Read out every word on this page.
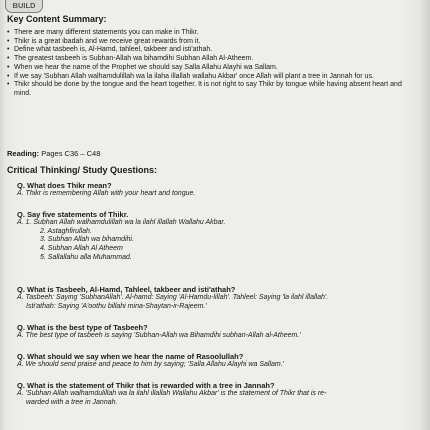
BUILD
Key Content Summary:
• There are many different statements you can make in Thikr.
• Thikr is a great ibadah and we receive great rewards from it.
• Define what tasbeeh is, Al-Hamd, tahleel, takbeer and isti'athah.
• The greatest tasbeeh is Subhan-Allah wa bihamdihi Subhan Allah Al-Atheem.
• When we hear the name of the Prophet we should say Salla Allahu Alayhi wa Sallam.
• If we say 'Subhan Allah walhamdulillah wa la ilaha illallah wallahu Akbar' once Allah will plant a tree in Jannah for us.
• Thikr should be done by the tongue and the heart together. It is not right to say Thikr by tongue while having absent heart and mind.
Reading: Pages C36 – C48
Critical Thinking/ Study Questions:
Q. What does Thikr mean?
A. Thikr is remembering Allah with your heart and tongue.
Q. Say five statements of Thikr.
A. 1. Subhan Allah walhamdulillah wa la ilahl illallah Wallahu Akbar.
2. Astaghfirullah.
3. Subhan Allah wa bihamdihi.
4. Subhan Allah Al Atheem
5. Sallallahu alla Muhammad.
Q. What is Tasbeeh, Al-Hamd, Tahleel, takbeer and isti'athah?
A. Tasbeeh: Saying 'SubhanAllah'. Al-hamd: Saying 'Al-Hamdu-lillah'. Tahleel: Saying 'la ilahl illallah'.
Isti'athah: Saying 'A'oothu billahi mina-Shaytan-ir-Rajeem.'
Q. What is the best type of Tasbeeh?
A. The best type of tasbeeh is saying 'Subhan-Allah wa Bihamdihi subhan-Allah al-Atheem.'
Q. What should we say when we hear the name of Rasoolullah?
A. We should send praise and peace to him by saying; 'Salla Allahu Alayhi wa Sallam.'
Q. What is the statement of Thikr that is rewarded with a tree in Jannah?
A. 'Subhan Allah walhamdulillah wa la ilahl illallah Wallahu Akbar' is the statement of Thikr that is re-
warded with a tree in Jannah.
